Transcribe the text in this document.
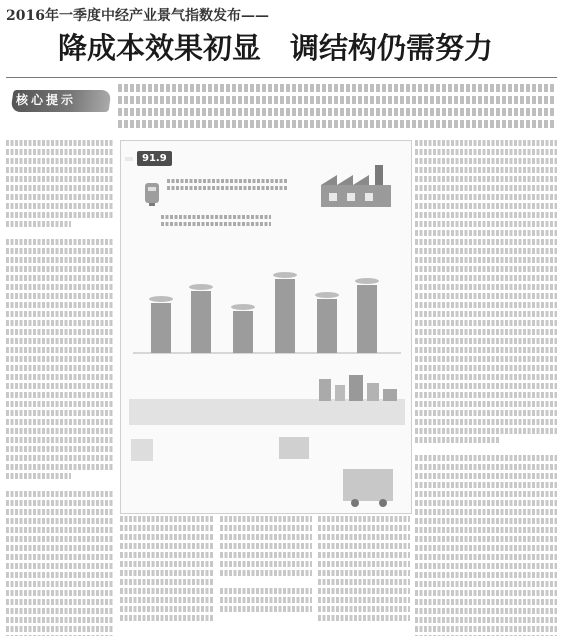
2016年一季度中经产业景气指数发布——
降成本效果初显　调结构仍需努力
核心提示
91.9
